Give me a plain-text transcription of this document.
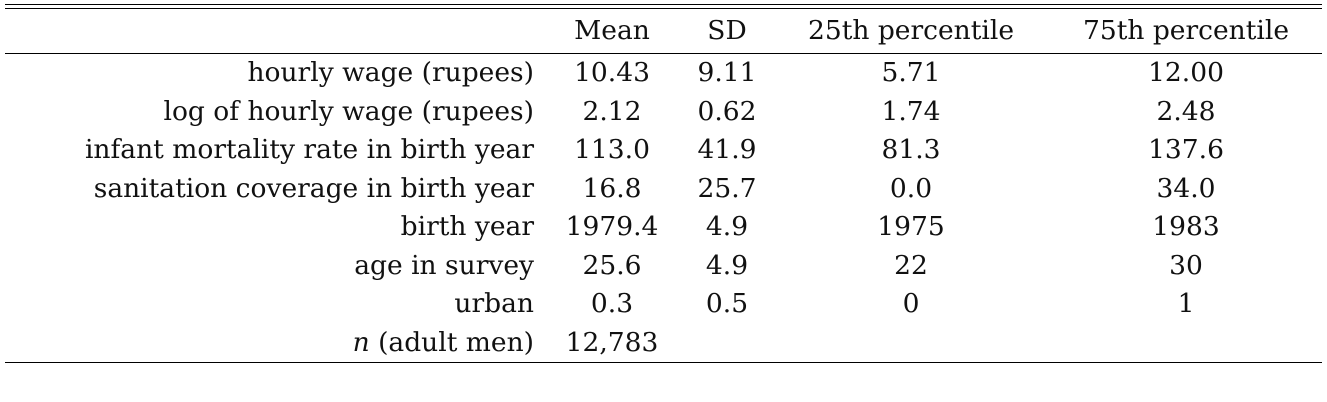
	Mean	SD	25th percentile	75th percentile
hourly wage (rupees)	10.43	9.11	5.71	12.00
log of hourly wage (rupees)	2.12	0.62	1.74	2.48
infant mortality rate in birth year	113.0	41.9	81.3	137.6
sanitation coverage in birth year	16.8	25.7	0.0	34.0
birth year	1979.4	4.9	1975	1983
age in survey	25.6	4.9	22	30
urban	0.3	0.5	0	1
n (adult men)	12,783			
